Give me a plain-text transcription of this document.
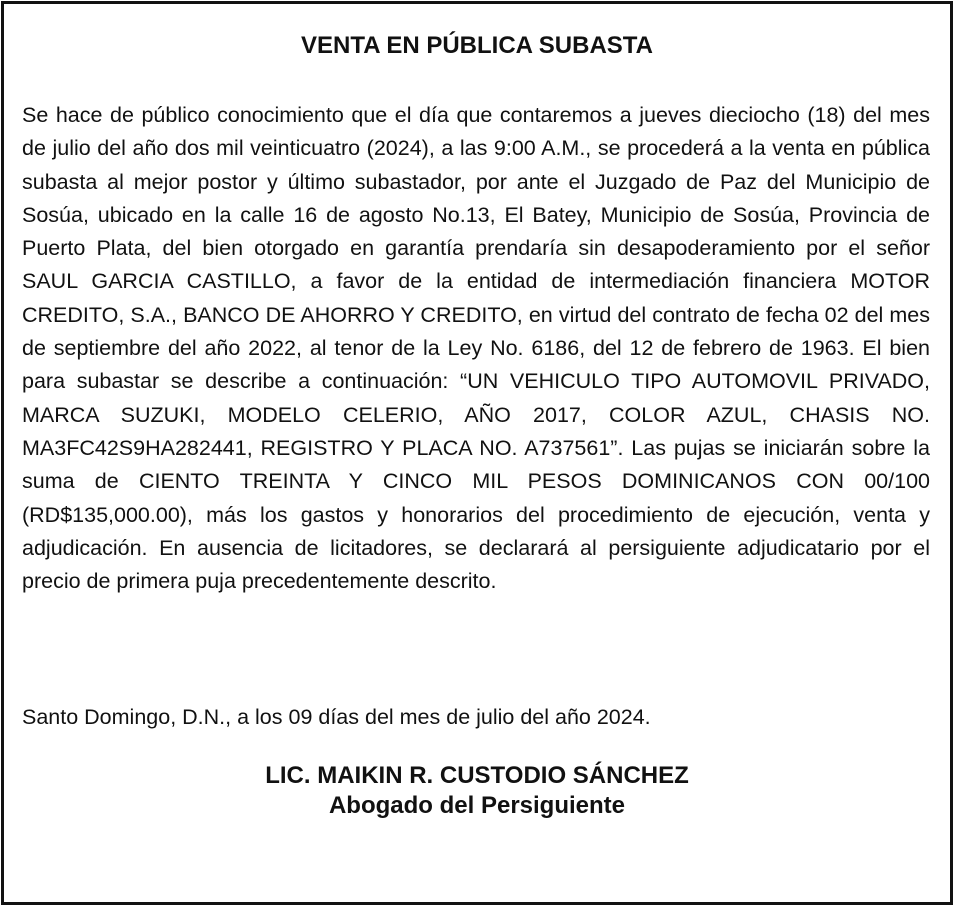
VENTA EN PÚBLICA SUBASTA

Se hace de público conocimiento que el día que contaremos a jueves dieciocho (18) del mes de julio del año dos mil veinticuatro (2024), a las 9:00 A.M., se procederá a la venta en pública subasta al mejor postor y último subastador, por ante el Juzgado de Paz del Municipio de Sosúa, ubicado en la calle 16 de agosto No.13, El Batey, Municipio de Sosúa, Provincia de Puerto Plata, del bien otorgado en garantía prendaría sin desapoderamiento por el señor SAUL GARCIA CASTILLO, a favor de la entidad de intermediación financiera MOTOR CREDITO, S.A., BANCO DE AHORRO Y CREDITO, en virtud del contrato de fecha 02 del mes de septiembre del año 2022, al tenor de la Ley No. 6186, del 12 de febrero de 1963. El bien para subastar se describe a continuación: “UN VEHICULO TIPO AUTOMOVIL PRIVADO, MARCA SUZUKI, MODELO CELERIO, AÑO 2017, COLOR AZUL, CHASIS NO. MA3FC42S9HA282441, REGISTRO Y PLACA NO. A737561”. Las pujas se iniciarán sobre la suma de CIENTO TREINTA Y CINCO MIL PESOS DOMINICANOS CON 00/100 (RD$135,000.00), más los gastos y honorarios del procedimiento de ejecución, venta y adjudicación. En ausencia de licitadores, se declarará al persiguiente adjudicatario por el precio de primera puja precedentemente descrito.

Santo Domingo, D.N., a los 09 días del mes de julio del año 2024.

LIC. MAIKIN R. CUSTODIO SÁNCHEZ
Abogado del Persiguiente
